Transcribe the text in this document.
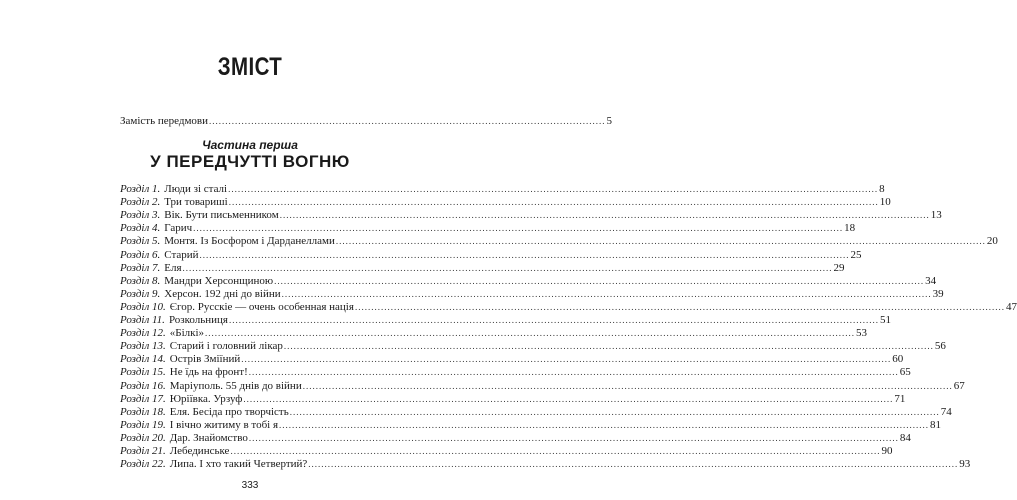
ЗМІСТ
Замість передмови .......................................................................................................................... 5
Частина перша
У ПЕРЕДЧУТТІ ВОГНЮ
Розділ 1. Люди зі сталі ........................................................................................................................................................................................................ 8
Розділ 2. Три товариші ........................................................................................................................................................................................................ 10
Розділ 3. Вік. Бути письменником ........................................................................................................................................................................................................ 13
Розділ 4. Гарич ........................................................................................................................................................................................................ 18
Розділ 5. Монтя. Із Босфором і Дарданеллами ........................................................................................................................................................................................................ 20
Розділ 6. Старий ........................................................................................................................................................................................................ 25
Розділ 7. Еля ........................................................................................................................................................................................................ 29
Розділ 8. Мандри Херсонщиною ........................................................................................................................................................................................................ 34
Розділ 9. Херсон. 192 дні до війни ........................................................................................................................................................................................................ 39
Розділ 10. Єгор. Русскіе — очень особенная нація ........................................................................................................................................................................................................ 47
Розділ 11. Розкольниця ........................................................................................................................................................................................................ 51
Розділ 12. «Білкі» ........................................................................................................................................................................................................ 53
Розділ 13. Старий і головний лікар ........................................................................................................................................................................................................ 56
Розділ 14. Острів Зміїний ........................................................................................................................................................................................................ 60
Розділ 15. Не їдь на фронт! ........................................................................................................................................................................................................ 65
Розділ 16. Маріуполь. 55 днів до війни ........................................................................................................................................................................................................ 67
Розділ 17. Юріївка. Урзуф ........................................................................................................................................................................................................ 71
Розділ 18. Еля. Бесіда про творчість ........................................................................................................................................................................................................ 74
Розділ 19. І вічно житиму в тобі я ........................................................................................................................................................................................................ 81
Розділ 20. Дар. Знайомство ........................................................................................................................................................................................................ 84
Розділ 21. Лебединське ........................................................................................................................................................................................................ 90
Розділ 22. Липа. І хто такий Четвертий? ........................................................................................................................................................................................................ 93
333
